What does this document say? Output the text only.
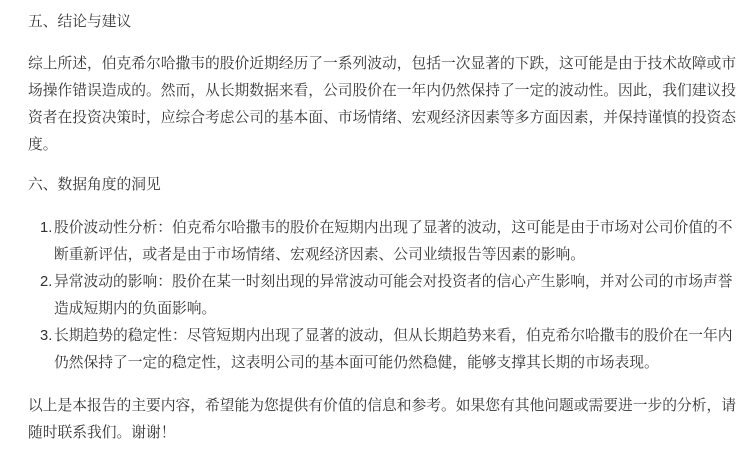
五、结论与建议

综上所述，伯克希尔哈撒韦的股价近期经历了一系列波动，包括一次显著的下跌，这可能是由于技术故障或市场操作错误造成的。然而，从长期数据来看，公司股价在一年内仍然保持了一定的波动性。因此，我们建议投资者在投资决策时，应综合考虑公司的基本面、市场情绪、宏观经济因素等多方面因素，并保持谨慎的投资态度。

六、数据角度的洞见

1. 股价波动性分析：伯克希尔哈撒韦的股价在短期内出现了显著的波动，这可能是由于市场对公司价值的不断重新评估，或者是由于市场情绪、宏观经济因素、公司业绩报告等因素的影响。
2. 异常波动的影响：股价在某一时刻出现的异常波动可能会对投资者的信心产生影响，并对公司的市场声誉造成短期内的负面影响。
3. 长期趋势的稳定性：尽管短期内出现了显著的波动，但从长期趋势来看，伯克希尔哈撒韦的股价在一年内仍然保持了一定的稳定性，这表明公司的基本面可能仍然稳健，能够支撑其长期的市场表现。

以上是本报告的主要内容，希望能为您提供有价值的信息和参考。如果您有其他问题或需要进一步的分析，请随时联系我们。谢谢！
